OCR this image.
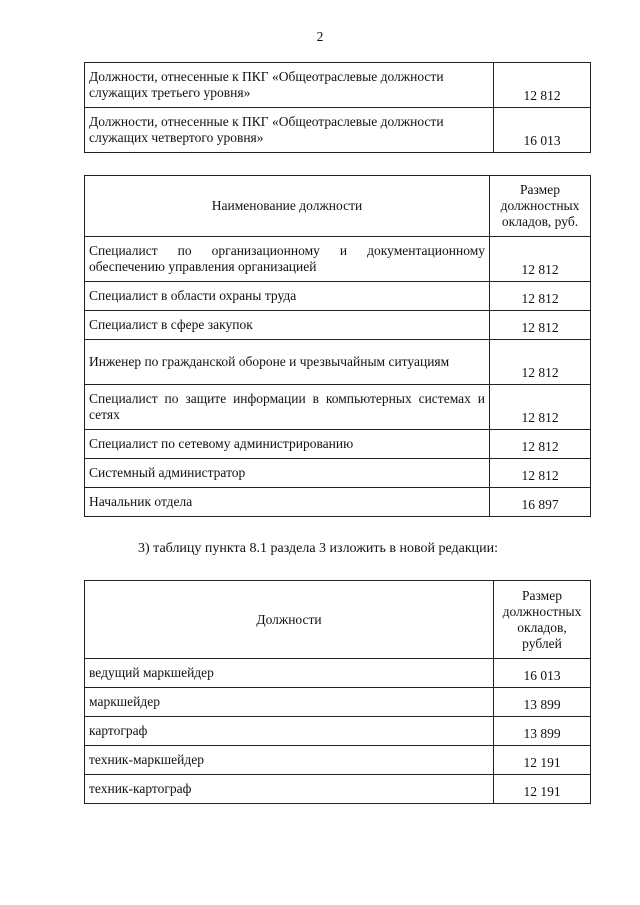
2
Должности, отнесенные к ПКГ «Общеотраслевые должности служащих третьего уровня»	12 812
Должности, отнесенные к ПКГ «Общеотраслевые должности служащих четвертого уровня»	16 013
Наименование должности	Размер должностных окладов, руб.
Специалист по организационному и документационному обеспечению управления организацией	12 812
Специалист в области охраны труда	12 812
Специалист в сфере закупок	12 812
Инженер по гражданской обороне и чрезвычайным ситуациям	12 812
Специалист по защите информации в компьютерных системах и сетях	12 812
Специалист по сетевому администрированию	12 812
Системный администратор	12 812
Начальник отдела	16 897
3) таблицу пункта 8.1 раздела 3 изложить в новой редакции:
Должности	Размер должностных окладов, рублей
ведущий маркшейдер	16 013
маркшейдер	13 899
картограф	13 899
техник-маркшейдер	12 191
техник-картограф	12 191
